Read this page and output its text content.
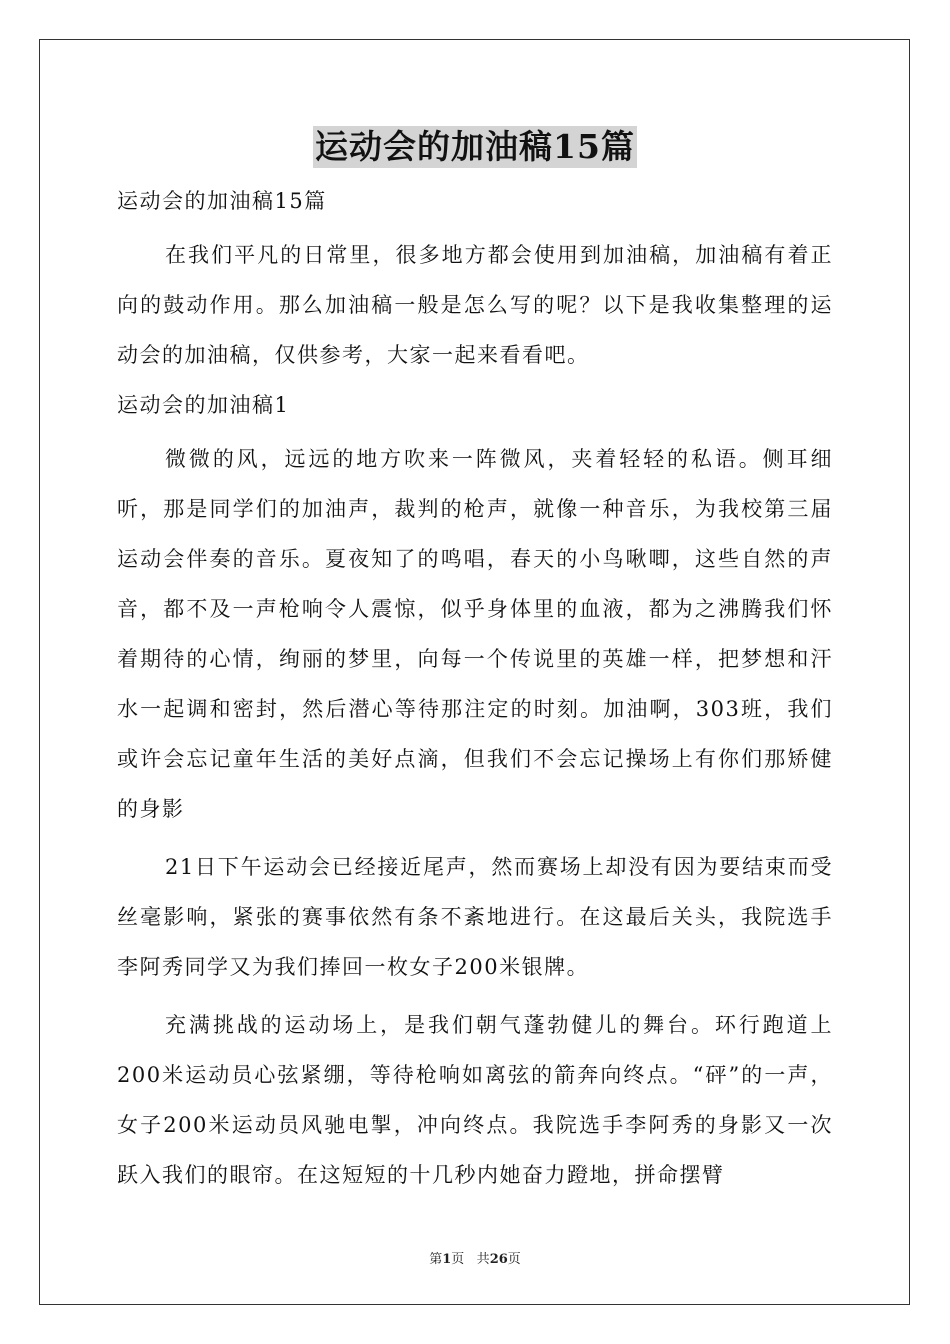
运动会的加油稿15篇

运动会的加油稿15篇

在我们平凡的日常里，很多地方都会使用到加油稿，加油稿有着正向的鼓动作用。那么加油稿一般是怎么写的呢？以下是我收集整理的运动会的加油稿，仅供参考，大家一起来看看吧。

运动会的加油稿1

微微的风，远远的地方吹来一阵微风，夹着轻轻的私语。侧耳细听，那是同学们的加油声，裁判的枪声，就像一种音乐，为我校第三届运动会伴奏的音乐。夏夜知了的鸣唱，春天的小鸟啾唧，这些自然的声音，都不及一声枪响令人震惊，似乎身体里的血液，都为之沸腾我们怀着期待的心情，绚丽的梦里，向每一个传说里的英雄一样，把梦想和汗水一起调和密封，然后潜心等待那注定的时刻。加油啊，303班，我们或许会忘记童年生活的美好点滴，但我们不会忘记操场上有你们那矫健的身影

21日下午运动会已经接近尾声，然而赛场上却没有因为要结束而受丝毫影响，紧张的赛事依然有条不紊地进行。在这最后关头，我院选手李阿秀同学又为我们捧回一枚女子200米银牌。

充满挑战的运动场上，是我们朝气蓬勃健儿的舞台。环行跑道上200米运动员心弦紧绷，等待枪响如离弦的箭奔向终点。“砰”的一声，女子200米运动员风驰电掣，冲向终点。我院选手李阿秀的身影又一次跃入我们的眼帘。在这短短的十几秒内她奋力蹬地，拼命摆臂

第1页 共26页
